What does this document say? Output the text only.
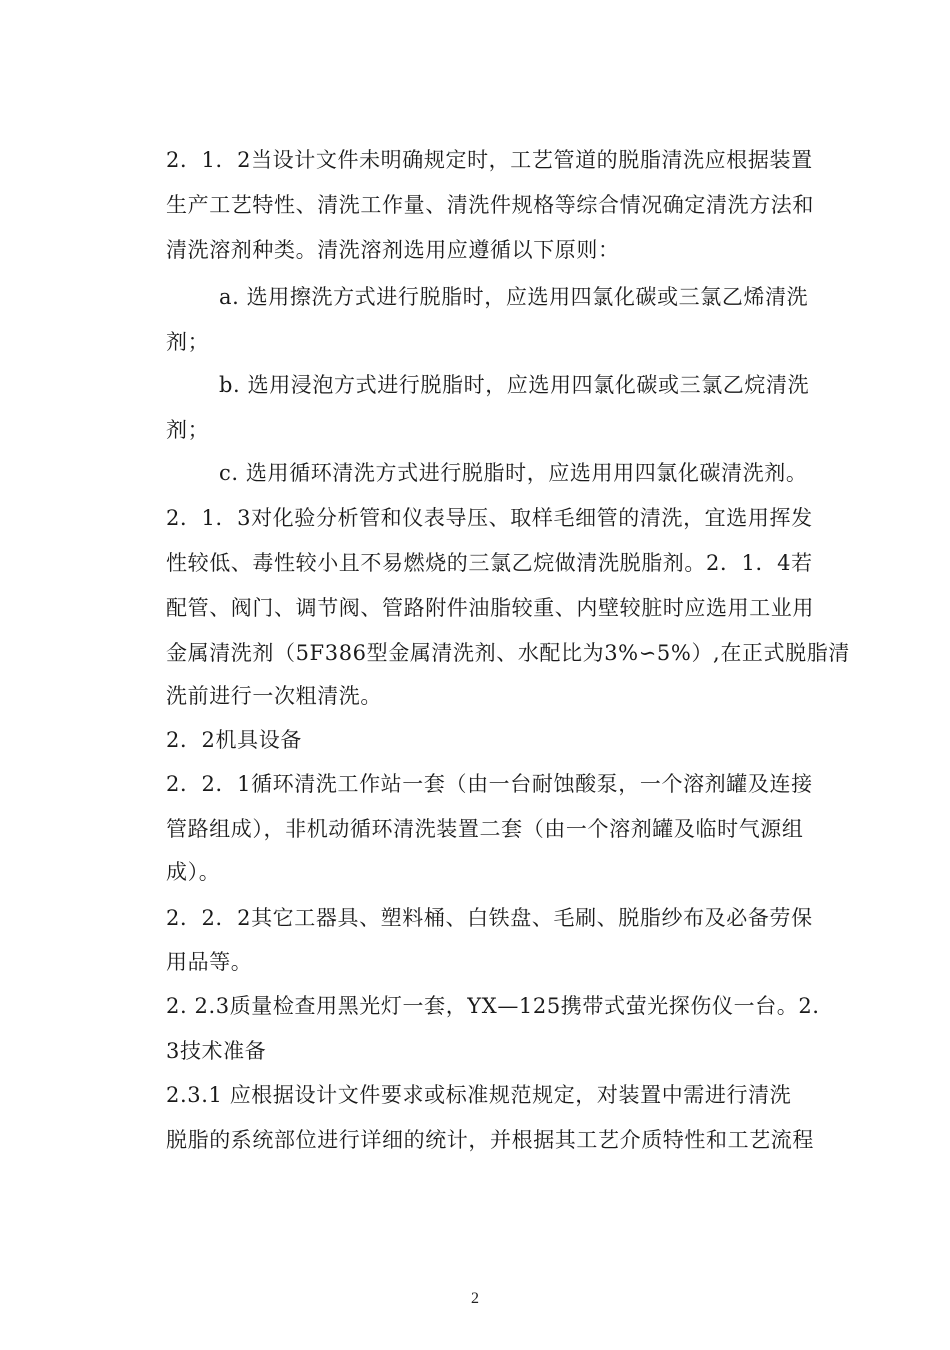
2．1．2当设计文件未明确规定时，工艺管道的脱脂清洗应根据装置
生产工艺特性、清洗工作量、清洗件规格等综合情况确定清洗方法和
清洗溶剂种类。清洗溶剂选用应遵循以下原则：
a. 选用擦洗方式进行脱脂时，应选用四氯化碳或三氯乙烯清洗
剂；
b. 选用浸泡方式进行脱脂时，应选用四氯化碳或三氯乙烷清洗
剂；
c. 选用循环清洗方式进行脱脂时，应选用用四氯化碳清洗剂。
2．1．3对化验分析管和仪表导压、取样毛细管的清洗，宜选用挥发
性较低、毒性较小且不易燃烧的三氯乙烷做清洗脱脂剂。2．1．4若
配管、阀门、调节阀、管路附件油脂较重、内壁较脏时应选用工业用
金属清洗剂（5F386型金属清洗剂、水配比为3%∽5%）,在正式脱脂清
洗前进行一次粗清洗。
2．2机具设备
2．2．1循环清洗工作站一套（由一台耐蚀酸泵，一个溶剂罐及连接
管路组成），非机动循环清洗装置二套（由一个溶剂罐及临时气源组
成）。
2．2．2其它工器具、塑料桶、白铁盘、毛刷、脱脂纱布及必备劳保
用品等。
2. 2.3质量检查用黑光灯一套，YX—125携带式萤光探伤仪一台。2．
3技术准备
2.3.1 应根据设计文件要求或标准规范规定，对装置中需进行清洗
脱脂的系统部位进行详细的统计，并根据其工艺介质特性和工艺流程
2
